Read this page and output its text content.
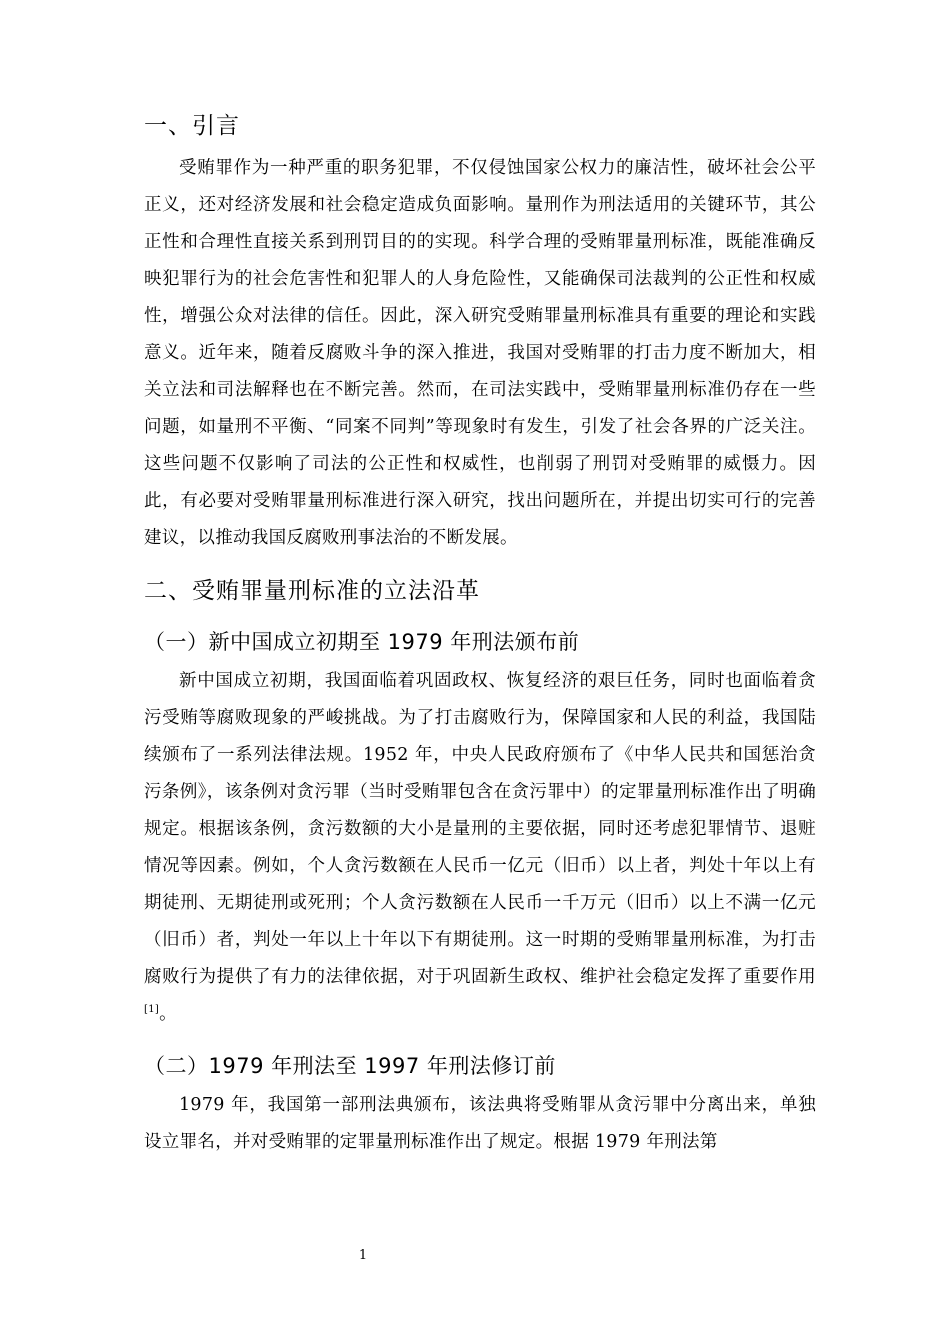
一、引言

受贿罪作为一种严重的职务犯罪，不仅侵蚀国家公权力的廉洁性，破坏社会公平正义，还对经济发展和社会稳定造成负面影响。量刑作为刑法适用的关键环节，其公正性和合理性直接关系到刑罚目的的实现。科学合理的受贿罪量刑标准，既能准确反映犯罪行为的社会危害性和犯罪人的人身危险性，又能确保司法裁判的公正性和权威性，增强公众对法律的信任。因此，深入研究受贿罪量刑标准具有重要的理论和实践意义。近年来，随着反腐败斗争的深入推进，我国对受贿罪的打击力度不断加大，相关立法和司法解释也在不断完善。然而，在司法实践中，受贿罪量刑标准仍存在一些问题，如量刑不平衡、“同案不同判”等现象时有发生，引发了社会各界的广泛关注。这些问题不仅影响了司法的公正性和权威性，也削弱了刑罚对受贿罪的威慑力。因此，有必要对受贿罪量刑标准进行深入研究，找出问题所在，并提出切实可行的完善建议，以推动我国反腐败刑事法治的不断发展。

二、受贿罪量刑标准的立法沿革
（一）新中国成立初期至 1979 年刑法颁布前

新中国成立初期，我国面临着巩固政权、恢复经济的艰巨任务，同时也面临着贪污受贿等腐败现象的严峻挑战。为了打击腐败行为，保障国家和人民的利益，我国陆续颁布了一系列法律法规。1952 年，中央人民政府颁布了《中华人民共和国惩治贪污条例》，该条例对贪污罪（当时受贿罪包含在贪污罪中）的定罪量刑标准作出了明确规定。根据该条例，贪污数额的大小是量刑的主要依据，同时还考虑犯罪情节、退赃情况等因素。例如，个人贪污数额在人民币一亿元（旧币）以上者，判处十年以上有期徒刑、无期徒刑或死刑；个人贪污数额在人民币一千万元（旧币）以上不满一亿元（旧币）者，判处一年以上十年以下有期徒刑。这一时期的受贿罪量刑标准，为打击腐败行为提供了有力的法律依据，对于巩固新生政权、维护社会稳定发挥了重要作用[1]。

（二）1979 年刑法至 1997 年刑法修订前

1979 年，我国第一部刑法典颁布，该法典将受贿罪从贪污罪中分离出来，单独设立罪名，并对受贿罪的定罪量刑标准作出了规定。根据 1979 年刑法第

1
